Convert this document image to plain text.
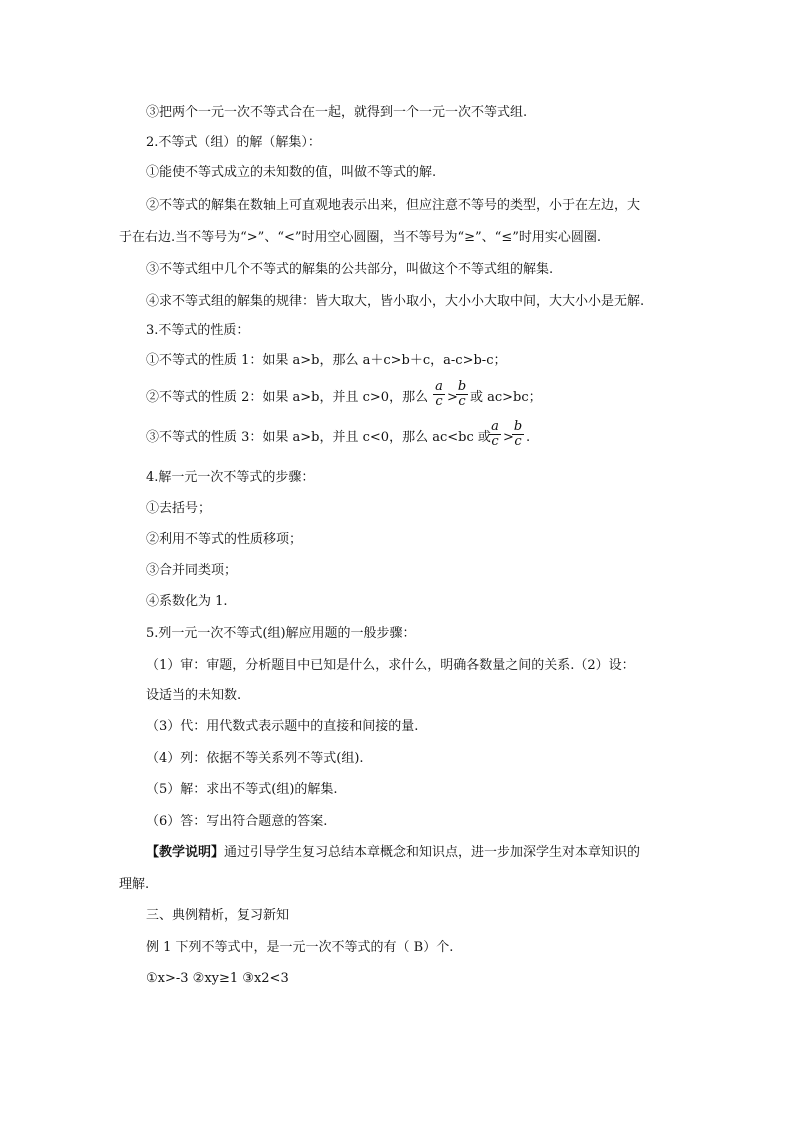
③把两个一元一次不等式合在一起，就得到一个一元一次不等式组.
2.不等式（组）的解（解集）：
①能使不等式成立的未知数的值，叫做不等式的解.
②不等式的解集在数轴上可直观地表示出来，但应注意不等号的类型，小于在左边，大
于在右边.当不等号为“>”、“<”时用空心圆圈，当不等号为“≥”、“≤”时用实心圆圈.
③不等式组中几个不等式的解集的公共部分，叫做这个不等式组的解集.
④求不等式组的解集的规律：皆大取大，皆小取小，大小小大取中间，大大小小是无解.
3.不等式的性质：
①不等式的性质 1：如果 a>b，那么 a＋c>b＋c，a-c>b-c；
②不等式的性质 2：如果 a>b，并且 c>0，那么 $\frac{a}{c}$ >
$\frac{b}{c}$ 或 ac>bc；
③不等式的性质 3：如果 a>b，并且 c<0，那么 ac<bc 或
$\frac{a}{c}$ >
$\frac{b}{c}$ .
4.解一元一次不等式的步骤：
①去括号；
②利用不等式的性质移项；
③合并同类项；
④系数化为 1.
5.列一元一次不等式(组)解应用题的一般步骤：
（1）审：审题，分析题目中已知是什么，求什么，明确各数量之间的关系.（2）设：
设适当的未知数.
（3）代：用代数式表示题中的直接和间接的量.
（4）列：依据不等关系列不等式(组).
（5）解：求出不等式(组)的解集.
（6）答：写出符合题意的答案.
【教学说明】通过引导学生复习总结本章概念和知识点，进一步加深学生对本章知识的
理解.
三、典例精析，复习新知
例 1 下列不等式中，是一元一次不等式的有（ B）个.
①x>-3 ②xy≥1 ③x2<3
